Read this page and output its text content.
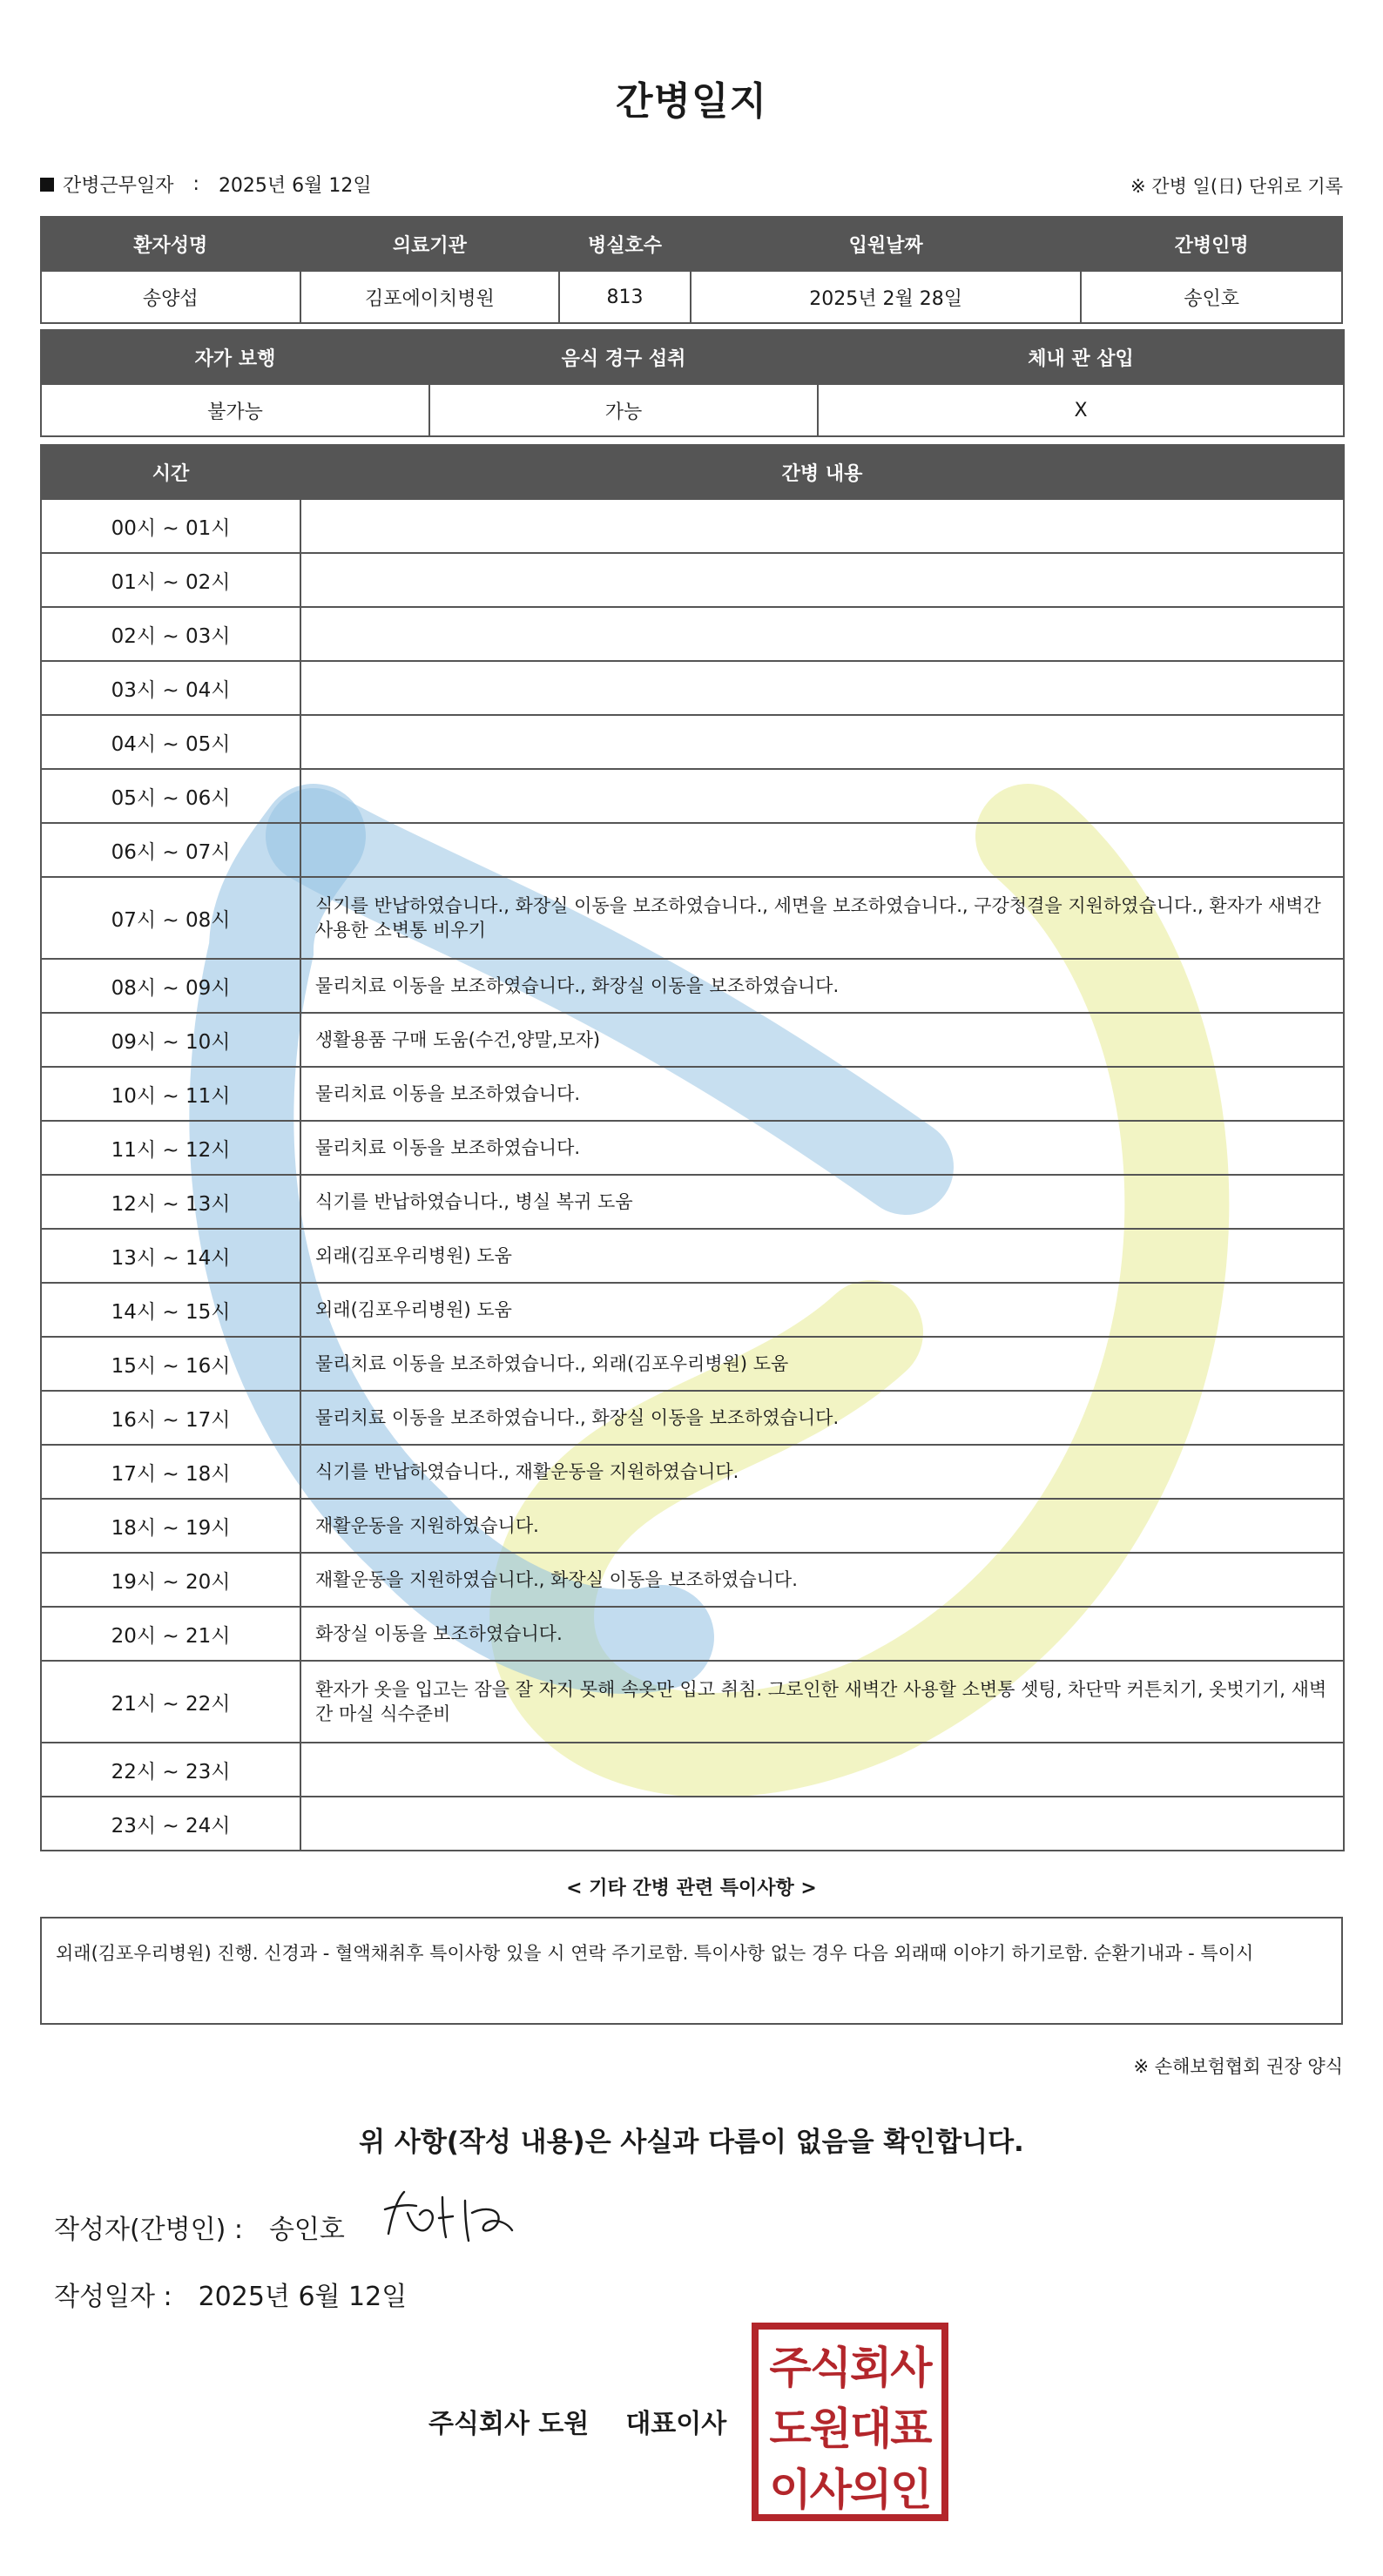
간병일지
간병근무일자 : 2025년 6월 12일	※ 간병 일(日) 단위로 기록
환자성명	의료기관	병실호수	입원날짜	간병인명
송양섭	김포에이치병원	813	2025년 2월 28일	송인호
자가 보행	음식 경구 섭취	체내 관 삽입
불가능	가능	X
시간	간병 내용
00시 ~ 01시	
01시 ~ 02시	
02시 ~ 03시	
03시 ~ 04시	
04시 ~ 05시	
05시 ~ 06시	
06시 ~ 07시	
07시 ~ 08시	식기를 반납하였습니다., 화장실 이동을 보조하였습니다., 세면을 보조하였습니다., 구강청결을 지원하였습니다., 환자가 새벽간 사용한 소변통 비우기
08시 ~ 09시	물리치료 이동을 보조하였습니다., 화장실 이동을 보조하였습니다.
09시 ~ 10시	생활용품 구매 도움(수건,양말,모자)
10시 ~ 11시	물리치료 이동을 보조하였습니다.
11시 ~ 12시	물리치료 이동을 보조하였습니다.
12시 ~ 13시	식기를 반납하였습니다., 병실 복귀 도움
13시 ~ 14시	외래(김포우리병원) 도움
14시 ~ 15시	외래(김포우리병원) 도움
15시 ~ 16시	물리치료 이동을 보조하였습니다., 외래(김포우리병원) 도움
16시 ~ 17시	물리치료 이동을 보조하였습니다., 화장실 이동을 보조하였습니다.
17시 ~ 18시	식기를 반납하였습니다., 재활운동을 지원하였습니다.
18시 ~ 19시	재활운동을 지원하였습니다.
19시 ~ 20시	재활운동을 지원하였습니다., 화장실 이동을 보조하였습니다.
20시 ~ 21시	화장실 이동을 보조하였습니다.
21시 ~ 22시	환자가 옷을 입고는 잠을 잘 자지 못해 속옷만 입고 취침. 그로인한 새벽간 사용할 소변통 셋팅, 차단막 커튼치기, 옷벗기기, 새벽간 마실 식수준비
22시 ~ 23시	
23시 ~ 24시	
< 기타 간병 관련 특이사항 >
외래(김포우리병원) 진행. 신경과 - 혈액채취후 특이사항 있을 시 연락 주기로함. 특이사항 없는 경우 다음 외래때 이야기 하기로함. 순환기내과 - 특이시
※ 손해보험협회 권장 양식
위 사항(작성 내용)은 사실과 다름이 없음을 확인합니다.
작성자(간병인) : 송인호
작성일자 : 2025년 6월 12일
주식회사 도원 대표이사
주식회사
도원대표
이사의인
